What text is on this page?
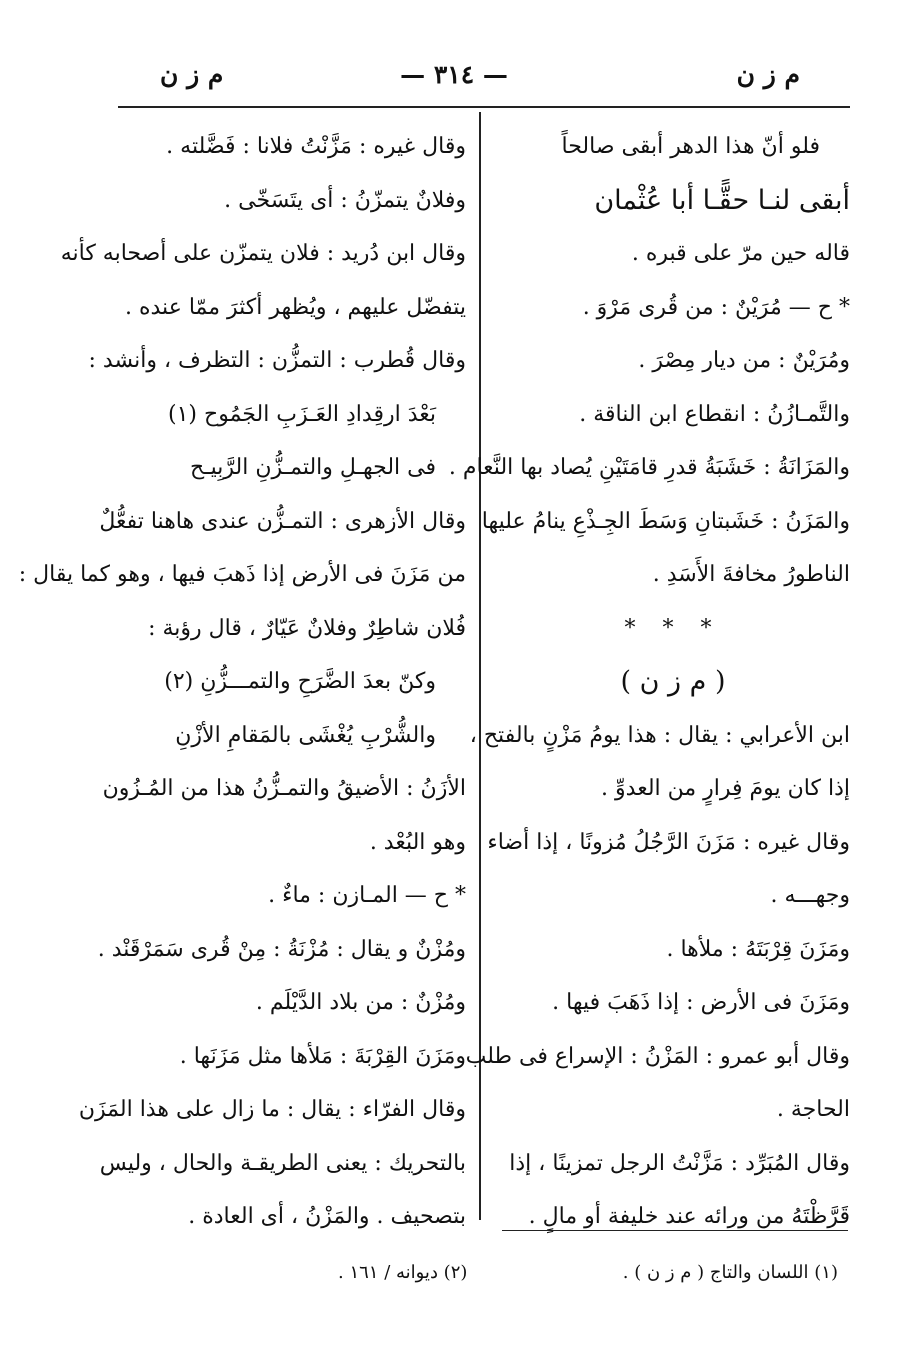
م ز ن
— ٣١٤ —
م ز ن
فلو أنّ هذا الدهر أبقى صالحاً
أبقى لنـا حقًّـا أبا عُثْمان
قاله حين مرّ على قبره .
* ح — مُرَيْنٌ : من قُرى مَرْوَ .
ومُرَيْنٌ : من ديار مِصْرَ .
والتَّمـازُنُ : انقطاع ابن الناقة .
والمَزَانَةُ : خَشَبَةُ قدرِ قامَتَيْنِ يُصاد بها النَّعام .
والمَزَنُ : خَشَبتانِ وَسَطَ الجِـذْعِ ينامُ عليها
الناطورُ مخافةَ الأَسَدِ .
* * *
( م ز ن )
ابن الأعرابي : يقال : هذا يومُ مَزْنٍ بالفتح ،
إذا كان يومَ فِرارٍ من العدوِّ .
وقال غيره : مَزَنَ الرَّجُلُ مُزونًا ، إذا أضاء
وجهـــه .
ومَزَنَ قِرْبَتَهُ : ملأها .
ومَزَنَ فى الأرض : إذا ذَهَبَ فيها .
وقال أبو عمرو : المَزْنُ : الإسراع فى طلب
الحاجة .
وقال المُبَرِّد : مَزَّنْتُ الرجل تمزينًا ، إذا
قَرَّظْتَهُ من ورائه عند خليفة أو مالٍ .
وقال غيره : مَزَّنْتُ فلانا : فَضَّلته .
وفلانٌ يتمزّنُ : أى يتَسَخّى .
وقال ابن دُريد : فلان يتمزّن على أصحابه كأنه
يتفضّل عليهم ، ويُظهر أكثرَ ممّا عنده .
وقال قُطرب : التمزُّن : التظرف ، وأنشد :
بَعْدَ ارقِدادِ العَـزَبِ الجَمُوح (١)
فى الجهـلِ والتمـزُّنِ الرَّبِيـح
وقال الأزهرى : التمـزُّن عندى هاهنا تفعُّلٌ
من مَزَنَ فى الأرض إذا ذَهبَ فيها ، وهو كما يقال :
فُلان شاطِرٌ وفلانٌ عَيّارٌ ، قال رؤبة :
وكنّ بعدَ الضَّرَحِ والتمـــزُّنِ (٢)
والشُّرْبِ يُغْشَى بالمَقامِ الأزْنِ
الأزَنُ : الأضيقُ والتمـزُّنُ هذا من المُـزُون
وهو البُعْد .
* ح — المـازن : ماءٌ .
ومُزْنٌ و يقال : مُزْنَةُ : مِنْ قُرى سَمَرْقَنْد .
ومُزْنٌ : من بلاد الدَّيْلَم .
ومَزَنَ القِرْبَةَ : مَلأها مثل مَزَنَها .
وقال الفرّاء : يقال : ما زال على هذا المَزَن
بالتحريك : يعنى الطريقـة والحال ، وليس
بتصحيف . والمَزْنُ ، أى العادة .
(١) اللسان والتاج ( م ز ن ) .
(٢) ديوانه / ١٦١ .
